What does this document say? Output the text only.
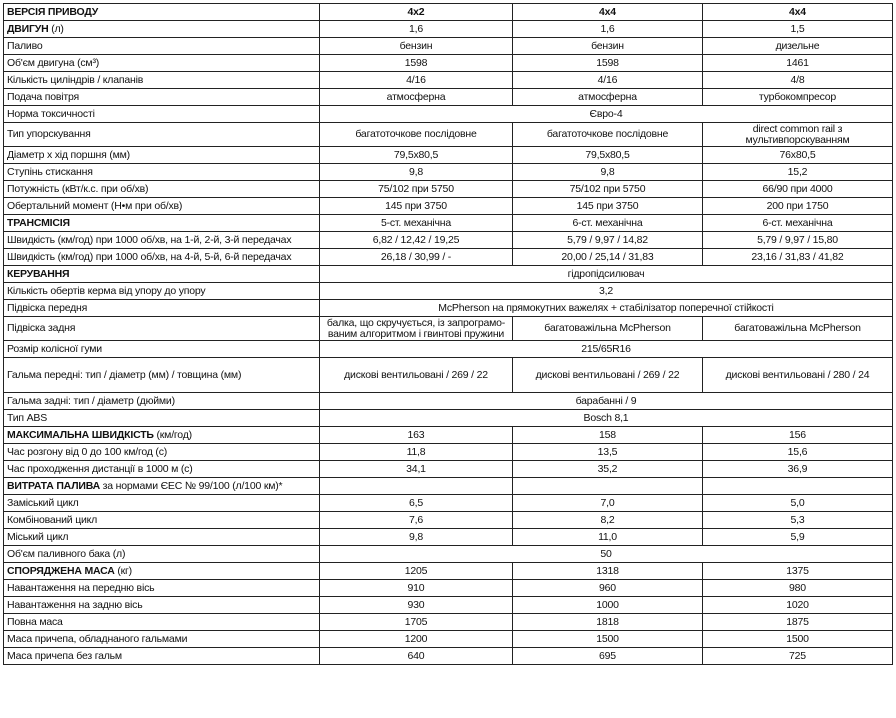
ВЕРСІЯ ПРИВОДУ	4x2	4x4	4x4
ДВИГУН (л)	1,6	1,6	1,5
Паливо	бензин	бензин	дизельне
Об'єм двигуна (см³)	1598	1598	1461
Кількість циліндрів / клапанів	4/16	4/16	4/8
Подача повітря	атмосферна	атмосферна	турбокомпресор
Норма токсичності	Євро-4		
Тип упорскування	багатоточкове послідовне	багатоточкове послідовне	direct common rail з мультивпорскуванням
Діаметр х хід поршня (мм)	79,5x80,5	79,5x80,5	76x80,5
Ступінь стискання	9,8	9,8	15,2
Потужність (кВт/к.с. при об/хв)	75/102 при 5750	75/102 при 5750	66/90 при 4000
Обертальний момент (Н•м при об/хв)	145 при 3750	145 при 3750	200 при 1750
ТРАНСМІСІЯ	5-ст. механічна	6-ст. механічна	6-ст. механічна
Швидкість (км/год) при 1000 об/хв, на 1-й, 2-й, 3-й передачах	6,82 / 12,42 / 19,25	5,79 / 9,97 / 14,82	5,79 / 9,97 / 15,80
Швидкість (км/год) при 1000 об/хв, на 4-й, 5-й, 6-й передачах	26,18 / 30,99 / -	20,00 / 25,14 / 31,83	23,16 / 31,83 / 41,82
КЕРУВАННЯ	гідропідсилювач		
Кількість обертів керма від упору до упору	3,2		
Підвіска передня	McPherson на прямокутних важелях + стабілізатор поперечної стійкості		
Підвіска задня	балка, що скручується, із запрограмо-ваним алгоритмом і гвинтові пружини	багатоважільна McPherson	багатоважільна McPherson
Розмір колісної гуми	215/65R16		
Гальма передні: тип / діаметр (мм) / товщина (мм)	дискові вентильовані / 269 / 22	дискові вентильовані / 269 / 22	дискові вентильовані / 280 / 24
Гальма задні: тип / діаметр (дюйми)	барабанні / 9		
Тип ABS	Bosch 8,1		
МАКСИМАЛЬНА ШВИДКІСТЬ (км/год)	163	158	156
Час розгону від 0 до 100 км/год (с)	11,8	13,5	15,6
Час проходження дистанції в 1000 м (с)	34,1	35,2	36,9
ВИТРАТА ПАЛИВА за нормами ЄЕС № 99/100 (л/100 км)*			
Заміський цикл	6,5	7,0	5,0
Комбінований цикл	7,6	8,2	5,3
Міський цикл	9,8	11,0	5,9
Об'єм паливного бака (л)	50		
СПОРЯДЖЕНА МАСА (кг)	1205	1318	1375
Навантаження на передню вісь	910	960	980
Навантаження на задню вісь	930	1000	1020
Повна маса	1705	1818	1875
Маса причепа, обладнаного гальмами	1200	1500	1500
Маса причепа без гальм	640	695	725
